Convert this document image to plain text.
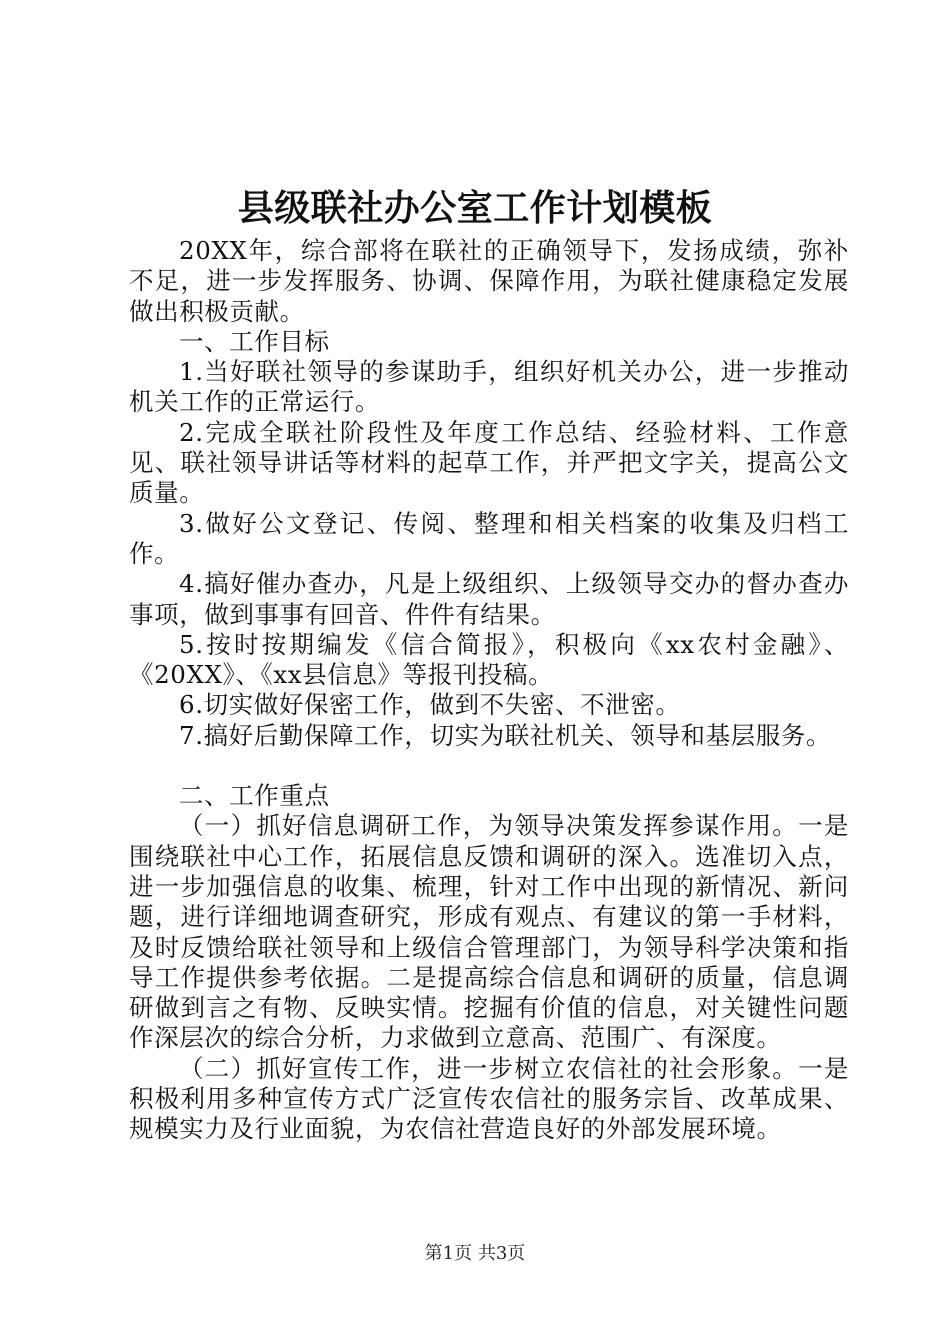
县级联社办公室工作计划模板

20XX年，综合部将在联社的正确领导下，发扬成绩，弥补不足，进一步发挥服务、协调、保障作用，为联社健康稳定发展做出积极贡献。

一、工作目标

1.当好联社领导的参谋助手，组织好机关办公，进一步推动机关工作的正常运行。

2.完成全联社阶段性及年度工作总结、经验材料、工作意见、联社领导讲话等材料的起草工作，并严把文字关，提高公文质量。

3.做好公文登记、传阅、整理和相关档案的收集及归档工作。

4.搞好催办查办，凡是上级组织、上级领导交办的督办查办事项，做到事事有回音、件件有结果。

5.按时按期编发《信合简报》，积极向《xx农村金融》、《20XX》、《xx县信息》等报刊投稿。

6.切实做好保密工作，做到不失密、不泄密。

7.搞好后勤保障工作，切实为联社机关、领导和基层服务。

二、工作重点

（一）抓好信息调研工作，为领导决策发挥参谋作用。一是围绕联社中心工作，拓展信息反馈和调研的深入。选准切入点，进一步加强信息的收集、梳理，针对工作中出现的新情况、新问题，进行详细地调查研究，形成有观点、有建议的第一手材料，及时反馈给联社领导和上级信合管理部门，为领导科学决策和指导工作提供参考依据。二是提高综合信息和调研的质量，信息调研做到言之有物、反映实情。挖掘有价值的信息，对关键性问题作深层次的综合分析，力求做到立意高、范围广、有深度。

（二）抓好宣传工作，进一步树立农信社的社会形象。一是积极利用多种宣传方式广泛宣传农信社的服务宗旨、改革成果、规模实力及行业面貌，为农信社营造良好的外部发展环境。

第1页 共3页
